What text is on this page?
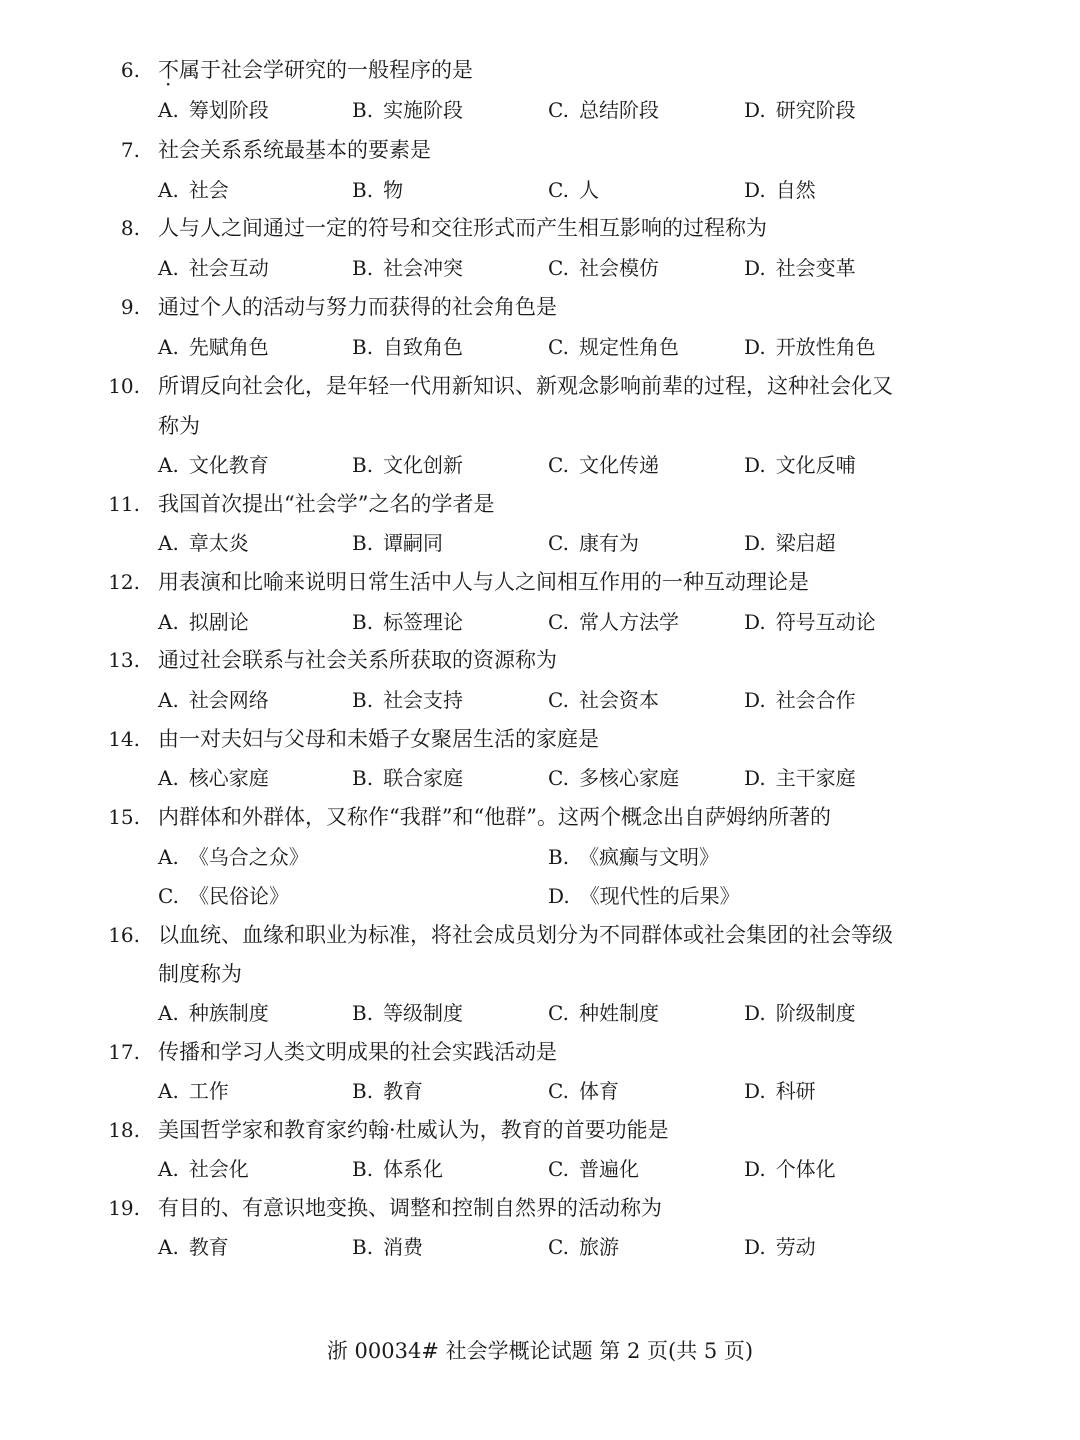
6. 不属于社会学研究的一般程序的是
A. 筹划阶段	B. 实施阶段	C. 总结阶段	D. 研究阶段
7. 社会关系系统最基本的要素是
A. 社会	B. 物	C. 人	D. 自然
8. 人与人之间通过一定的符号和交往形式而产生相互影响的过程称为
A. 社会互动	B. 社会冲突	C. 社会模仿	D. 社会变革
9. 通过个人的活动与努力而获得的社会角色是
A. 先赋角色	B. 自致角色	C. 规定性角色	D. 开放性角色
10. 所谓反向社会化，是年轻一代用新知识、新观念影响前辈的过程，这种社会化又
称为
A. 文化教育	B. 文化创新	C. 文化传递	D. 文化反哺
11. 我国首次提出“社会学”之名的学者是
A. 章太炎	B. 谭嗣同	C. 康有为	D. 梁启超
12. 用表演和比喻来说明日常生活中人与人之间相互作用的一种互动理论是
A. 拟剧论	B. 标签理论	C. 常人方法学	D. 符号互动论
13. 通过社会联系与社会关系所获取的资源称为
A. 社会网络	B. 社会支持	C. 社会资本	D. 社会合作
14. 由一对夫妇与父母和未婚子女聚居生活的家庭是
A. 核心家庭	B. 联合家庭	C. 多核心家庭	D. 主干家庭
15. 内群体和外群体，又称作“我群”和“他群”。这两个概念出自萨姆纳所著的
A. 《乌合之众》	B. 《疯癫与文明》
C. 《民俗论》	D. 《现代性的后果》
16. 以血统、血缘和职业为标准，将社会成员划分为不同群体或社会集团的社会等级
制度称为
A. 种族制度	B. 等级制度	C. 种姓制度	D. 阶级制度
17. 传播和学习人类文明成果的社会实践活动是
A. 工作	B. 教育	C. 体育	D. 科研
18. 美国哲学家和教育家约翰·杜威认为，教育的首要功能是
A. 社会化	B. 体系化	C. 普遍化	D. 个体化
19. 有目的、有意识地变换、调整和控制自然界的活动称为
A. 教育	B. 消费	C. 旅游	D. 劳动
浙 00034# 社会学概论试题 第 2 页(共 5 页)
